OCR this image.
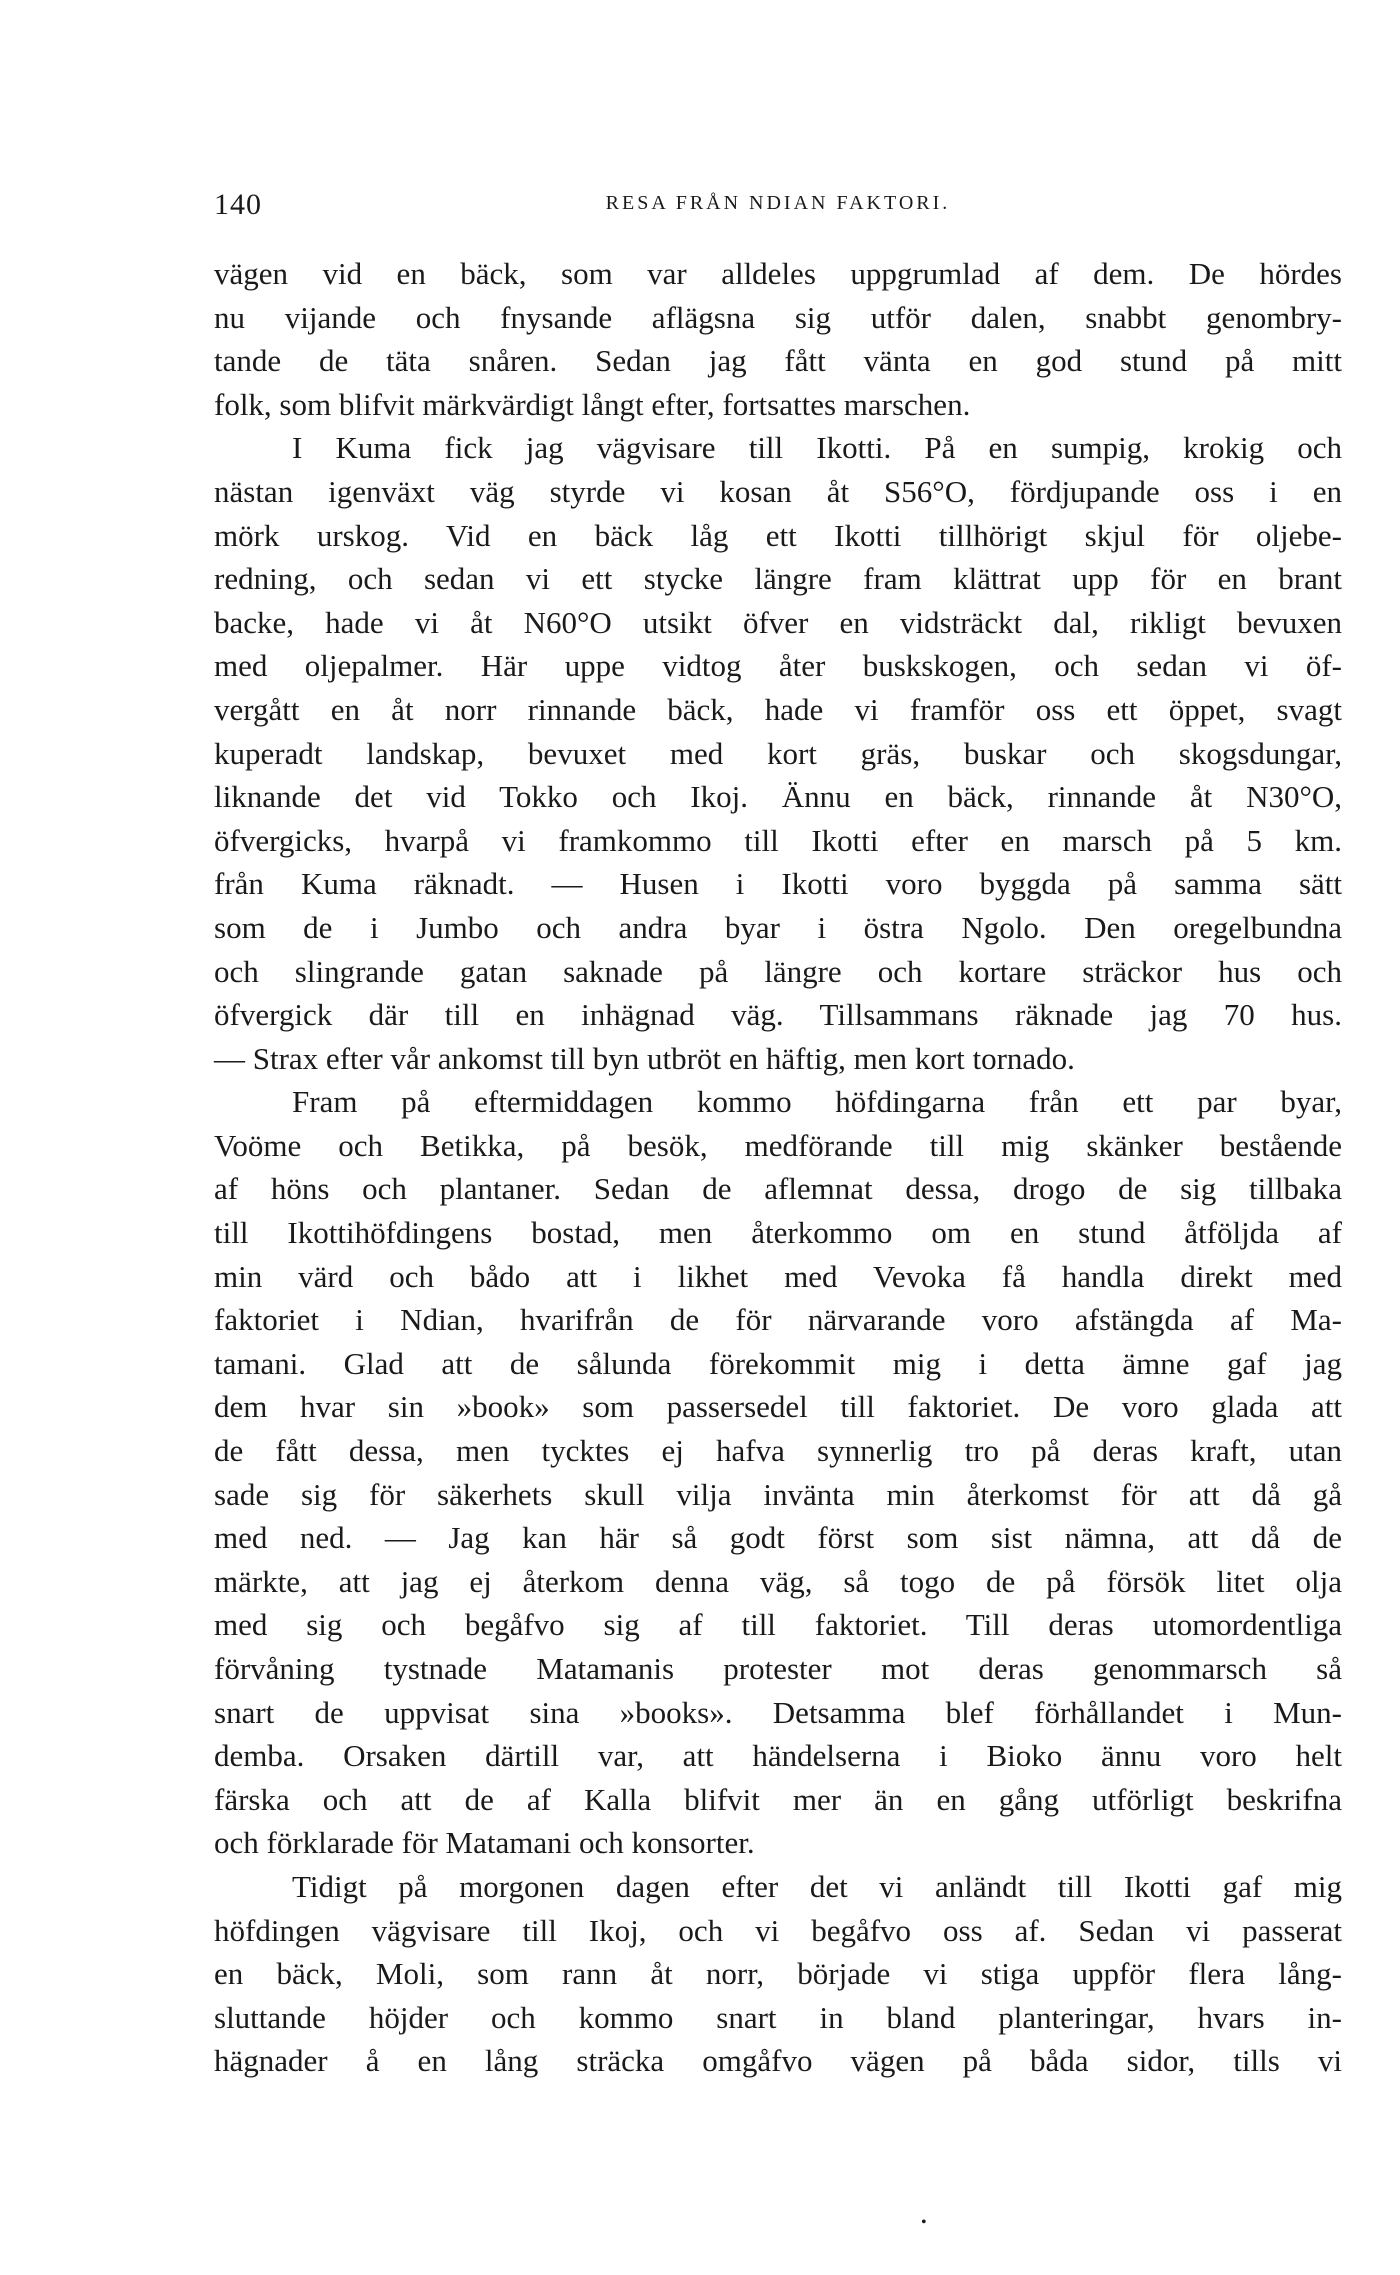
140	RESA FRÅN NDIAN FAKTORI.
vägen vid en bäck, som var alldeles uppgrumlad af dem. De hördes
nu vijande och fnysande aflägsna sig utför dalen, snabbt genombry-
tande de täta snåren. Sedan jag fått vänta en god stund på mitt
folk, som blifvit märkvärdigt långt efter, fortsattes marschen.
I Kuma fick jag vägvisare till Ikotti. På en sumpig, krokig och
nästan igenväxt väg styrde vi kosan åt S56°O, fördjupande oss i en
mörk urskog. Vid en bäck låg ett Ikotti tillhörigt skjul för oljebe-
redning, och sedan vi ett stycke längre fram klättrat upp för en brant
backe, hade vi åt N60°O utsikt öfver en vidsträckt dal, rikligt bevuxen
med oljepalmer. Här uppe vidtog åter buskskogen, och sedan vi öf-
vergått en åt norr rinnande bäck, hade vi framför oss ett öppet, svagt
kuperadt landskap, bevuxet med kort gräs, buskar och skogsdungar,
liknande det vid Tokko och Ikoj. Ännu en bäck, rinnande åt N30°O,
öfvergicks, hvarpå vi framkommo till Ikotti efter en marsch på 5 km.
från Kuma räknadt. — Husen i Ikotti voro byggda på samma sätt
som de i Jumbo och andra byar i östra Ngolo. Den oregelbundna
och slingrande gatan saknade på längre och kortare sträckor hus och
öfvergick där till en inhägnad väg. Tillsammans räknade jag 70 hus.
— Strax efter vår ankomst till byn utbröt en häftig, men kort tornado.
Fram på eftermiddagen kommo höfdingarna från ett par byar,
Voöme och Betikka, på besök, medförande till mig skänker bestående
af höns och plantaner. Sedan de aflemnat dessa, drogo de sig tillbaka
till Ikottihöfdingens bostad, men återkommo om en stund åtföljda af
min värd och bådo att i likhet med Vevoka få handla direkt med
faktoriet i Ndian, hvarifrån de för närvarande voro afstängda af Ma-
tamani. Glad att de sålunda förekommit mig i detta ämne gaf jag
dem hvar sin »book» som passersedel till faktoriet. De voro glada att
de fått dessa, men tycktes ej hafva synnerlig tro på deras kraft, utan
sade sig för säkerhets skull vilja invänta min återkomst för att då gå
med ned. — Jag kan här så godt först som sist nämna, att då de
märkte, att jag ej återkom denna väg, så togo de på försök litet olja
med sig och begåfvo sig af till faktoriet. Till deras utomordentliga
förvåning tystnade Matamanis protester mot deras genommarsch så
snart de uppvisat sina »books». Detsamma blef förhållandet i Mun-
demba. Orsaken därtill var, att händelserna i Bioko ännu voro helt
färska och att de af Kalla blifvit mer än en gång utförligt beskrifna
och förklarade för Matamani och konsorter.
Tidigt på morgonen dagen efter det vi anländt till Ikotti gaf mig
höfdingen vägvisare till Ikoj, och vi begåfvo oss af. Sedan vi passerat
en bäck, Moli, som rann åt norr, började vi stiga uppför flera lång-
sluttande höjder och kommo snart in bland planteringar, hvars in-
hägnader å en lång sträcka omgåfvo vägen på båda sidor, tills vi
•
